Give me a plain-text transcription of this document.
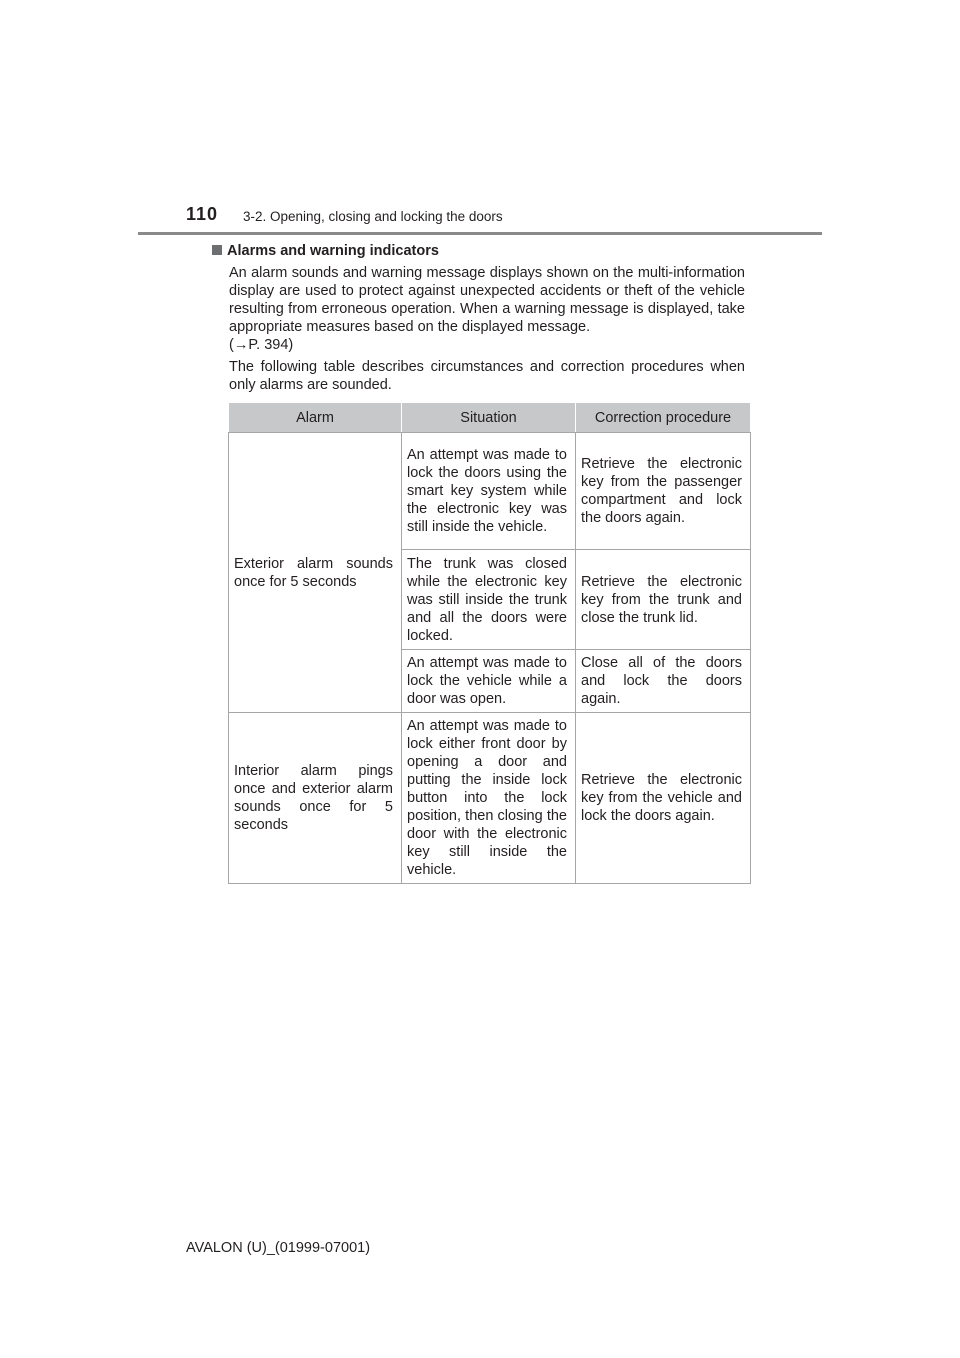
110 3-2. Opening, closing and locking the doors
Alarms and warning indicators

An alarm sounds and warning message displays shown on the multi-information display are used to protect against unexpected accidents or theft of the vehicle resulting from erroneous operation. When a warning message is displayed, take appropriate measures based on the displayed message.

(→P. 394)

The following table describes circumstances and correction procedures when only alarms are sounded.

Alarm	Situation	Correction procedure
Exterior alarm sounds once for 5 seconds	An attempt was made to lock the doors using the smart key system while the electronic key was still inside the vehicle.	Retrieve the electronic key from the passenger compartment and lock the doors again.
	The trunk was closed while the electronic key was still inside the trunk and all the doors were locked.	Retrieve the electronic key from the trunk and close the trunk lid.
	An attempt was made to lock the vehicle while a door was open.	Close all of the doors and lock the doors again.
Interior alarm pings once and exterior alarm sounds once for 5 seconds	An attempt was made to lock either front door by opening a door and putting the inside lock button into the lock position, then closing the door with the electronic key still inside the vehicle.	Retrieve the electronic key from the vehicle and lock the doors again.
AVALON (U)_(01999-07001)
